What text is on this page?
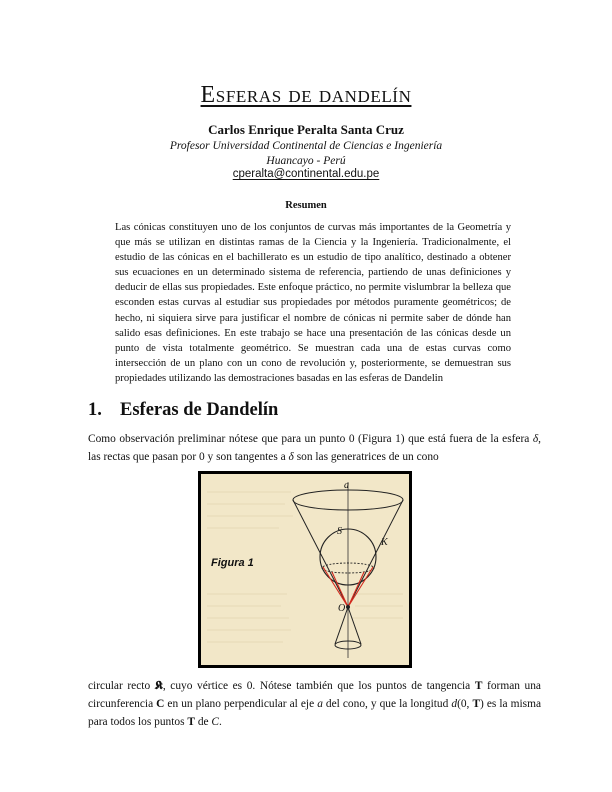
Esferas de dandelín
Carlos Enrique Peralta Santa Cruz
Profesor Universidad Continental de Ciencias e Ingeniería
Huancayo - Perú
cperalta@continental.edu.pe
Resumen

Las cónicas constituyen uno de los conjuntos de curvas más importantes de la Geometría y que más se utilizan en distintas ramas de la Ciencia y la Ingeniería. Tradicionalmente, el estudio de las cónicas en el bachillerato es un estudio de tipo analítico, destinado a obtener sus ecuaciones en un determinado sistema de referencia, partiendo de unas definiciones y deducir de ellas sus propiedades. Este enfoque práctico, no permite vislumbrar la belleza que esconden estas curvas al estudiar sus propiedades por métodos puramente geométricos; de hecho, ni siquiera sirve para justificar el nombre de cónicas ni permite saber de dónde han salido esas definiciones. En este trabajo se hace una presentación de las cónicas desde un punto de vista totalmente geométrico. Se muestran cada una de estas curvas como intersección de un plano con un cono de revolución y, posteriormente, se demuestran sus propiedades utilizando las demostraciones basadas en las esferas de Dandelin

1. Esferas de Dandelín

Como observación preliminar nótese que para un punto 0 (Figura 1) que está fuera de la esfera δ, las rectas que pasan por 0 y son tangentes a δ son las generatrices de un cono

Figura 1
a
S
K
O

circular recto 𝕶, cuyo vértice es 0. Nótese también que los puntos de tangencia T forman una circunferencia C en un plano perpendicular al eje a del cono, y que la longitud d(0, T) es la misma para todos los puntos T de C.
